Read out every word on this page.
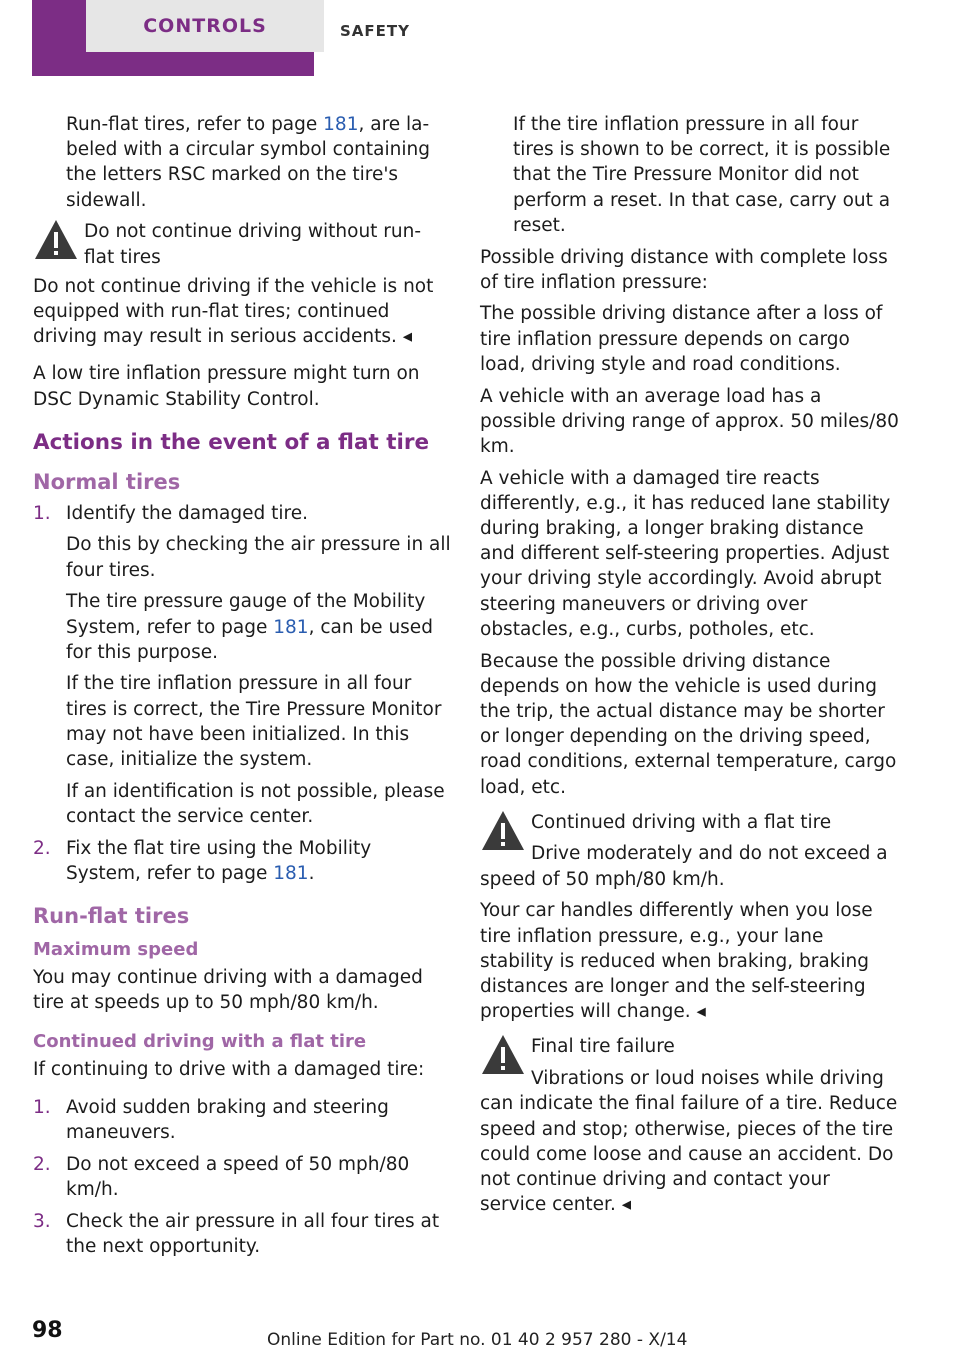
CONTROLS	SAFETY

Run-flat tires, refer to page 181, are labeled with a circular symbol containing the letters RSC marked on the tire's sidewall.

Do not continue driving without run-flat tires

Do not continue driving if the vehicle is not equipped with run-flat tires; continued driving may result in serious accidents. ◂

A low tire inflation pressure might turn on DSC Dynamic Stability Control.

Actions in the event of a flat tire
Normal tires
1. Identify the damaged tire.

Do this by checking the air pressure in all four tires.

The tire pressure gauge of the Mobility System, refer to page 181, can be used for this purpose.

If the tire inflation pressure in all four tires is correct, the Tire Pressure Monitor may not have been initialized. In this case, initialize the system.

If an identification is not possible, please contact the service center.

2. Fix the flat tire using the Mobility System, refer to page 181.
Run-flat tires
Maximum speed

You may continue driving with a damaged tire at speeds up to 50 mph/80 km/h.

Continued driving with a flat tire

If continuing to drive with a damaged tire:

1. Avoid sudden braking and steering maneuvers.
2. Do not exceed a speed of 50 mph/80 km/h.
3. Check the air pressure in all four tires at the next opportunity.

If the tire inflation pressure in all four tires is shown to be correct, it is possible that the Tire Pressure Monitor did not perform a reset. In that case, carry out a reset.

Possible driving distance with complete loss of tire inflation pressure:

The possible driving distance after a loss of tire inflation pressure depends on cargo load, driving style and road conditions.

A vehicle with an average load has a possible driving range of approx. 50 miles/80 km.

A vehicle with a damaged tire reacts differently, e.g., it has reduced lane stability during braking, a longer braking distance and different self-steering properties. Adjust your driving style accordingly. Avoid abrupt steering maneuvers or driving over obstacles, e.g., curbs, potholes, etc.

Because the possible driving distance depends on how the vehicle is used during the trip, the actual distance may be shorter or longer depending on the driving speed, road conditions, external temperature, cargo load, etc.

Continued driving with a flat tire

Drive moderately and do not exceed a

speed of 50 mph/80 km/h.

Your car handles differently when you lose tire inflation pressure, e.g., your lane stability is reduced when braking, braking distances are longer and the self-steering properties will change. ◂

Final tire failure

Vibrations or loud noises while driving

can indicate the final failure of a tire. Reduce speed and stop; otherwise, pieces of the tire could come loose and cause an accident. Do not continue driving and contact your service center. ◂

98	Online Edition for Part no. 01 40 2 957 280 - X/14
